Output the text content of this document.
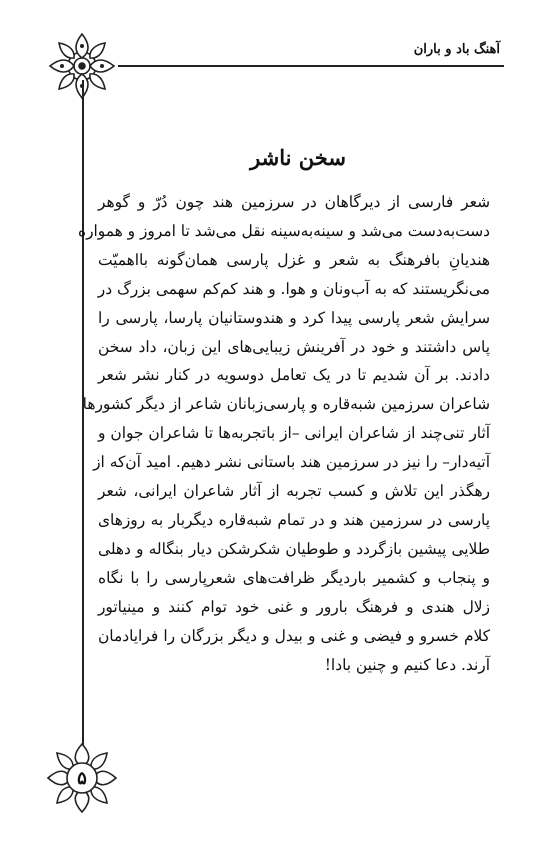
آهنگ باد و باران
سخن ناشر
شعر فارسی از دیرگاهان در سرزمین هند چون دُرّ و گوهر
دست‌به‌دست می‌شد و سینه‌به‌سینه نقل می‌شد تا امروز و همواره
هندیانِ بافرهنگ به شعر و غزل پارسی همان‌گونه بااهمیّت
می‌نگریستند که به آب‌ونان و هوا. و هند کم‌کم سهمی بزرگ در
سرایش شعر پارسی پیدا کرد و هندوستانیان پارسا، پارسی را
پاس داشتند و خود در آفرینش زیبایی‌های این زبان، داد سخن
دادند. بر آن شدیم تا در یک تعامل دوسویه در کنار نشر شعر
شاعران سرزمین شبه‌قاره و پارسی‌زبانان شاعر از دیگر کشورها
آثار تنی‌چند از شاعران ایرانی –از باتجربه‌ها تا شاعران جوان و
آتیه‌دار– را نیز در سرزمین هند باستانی نشر دهیم. امید آن‌که از
رهگذر این تلاش و کسب تجربه از آثار شاعران ایرانی، شعر
پارسی در سرزمین هند و در تمام شبه‌قاره دیگربار به روزهای
طلایی پیشین بازگردد و طوطیان شکرشکن دیار بنگاله و دهلی
و پنجاب و کشمیر باردیگر ظرافت‌های شعرپارسی را با نگاه
زلال هندی و فرهنگ بارور و غنی خود توام کنند و مینیاتور
کلام خسرو و فیضی و غنی و بیدل و دیگر بزرگان را فرایادمان
آرند. دعا کنیم و چنین بادا!
۵
